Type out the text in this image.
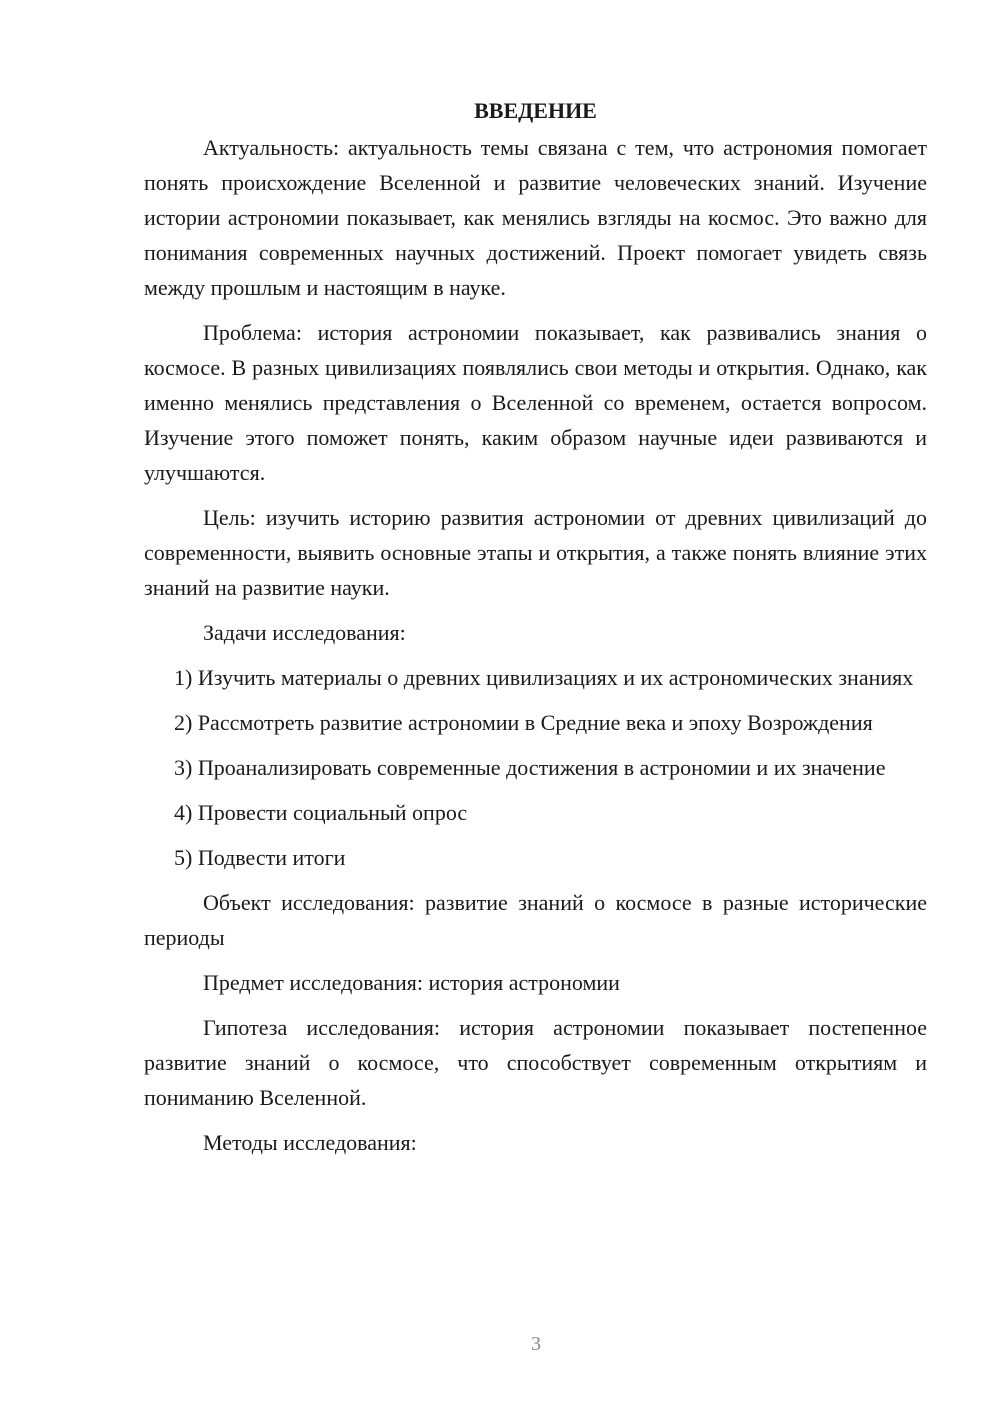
ВВЕДЕНИЕ

Актуальность: актуальность темы связана с тем, что астрономия помогает понять происхождение Вселенной и развитие человеческих знаний. Изучение истории астрономии показывает, как менялись взгляды на космос. Это важно для понимания современных научных достижений. Проект помогает увидеть связь между прошлым и настоящим в науке.

Проблема: история астрономии показывает, как развивались знания о космосе. В разных цивилизациях появлялись свои методы и открытия. Однако, как именно менялись представления о Вселенной со временем, остается вопросом. Изучение этого поможет понять, каким образом научные идеи развиваются и улучшаются.

Цель: изучить историю развития астрономии от древних цивилизаций до современности, выявить основные этапы и открытия, а также понять влияние этих знаний на развитие науки.

Задачи исследования:

1) Изучить материалы о древних цивилизациях и их астрономических знаниях

2) Рассмотреть развитие астрономии в Средние века и эпоху Возрождения

3) Проанализировать современные достижения в астрономии и их значение

4) Провести социальный опрос

5) Подвести итоги

Объект исследования: развитие знаний о космосе в разные исторические периоды

Предмет исследования: история астрономии

Гипотеза исследования: история астрономии показывает постепенное развитие знаний о космосе, что способствует современным открытиям и пониманию Вселенной.

Методы исследования:

3
